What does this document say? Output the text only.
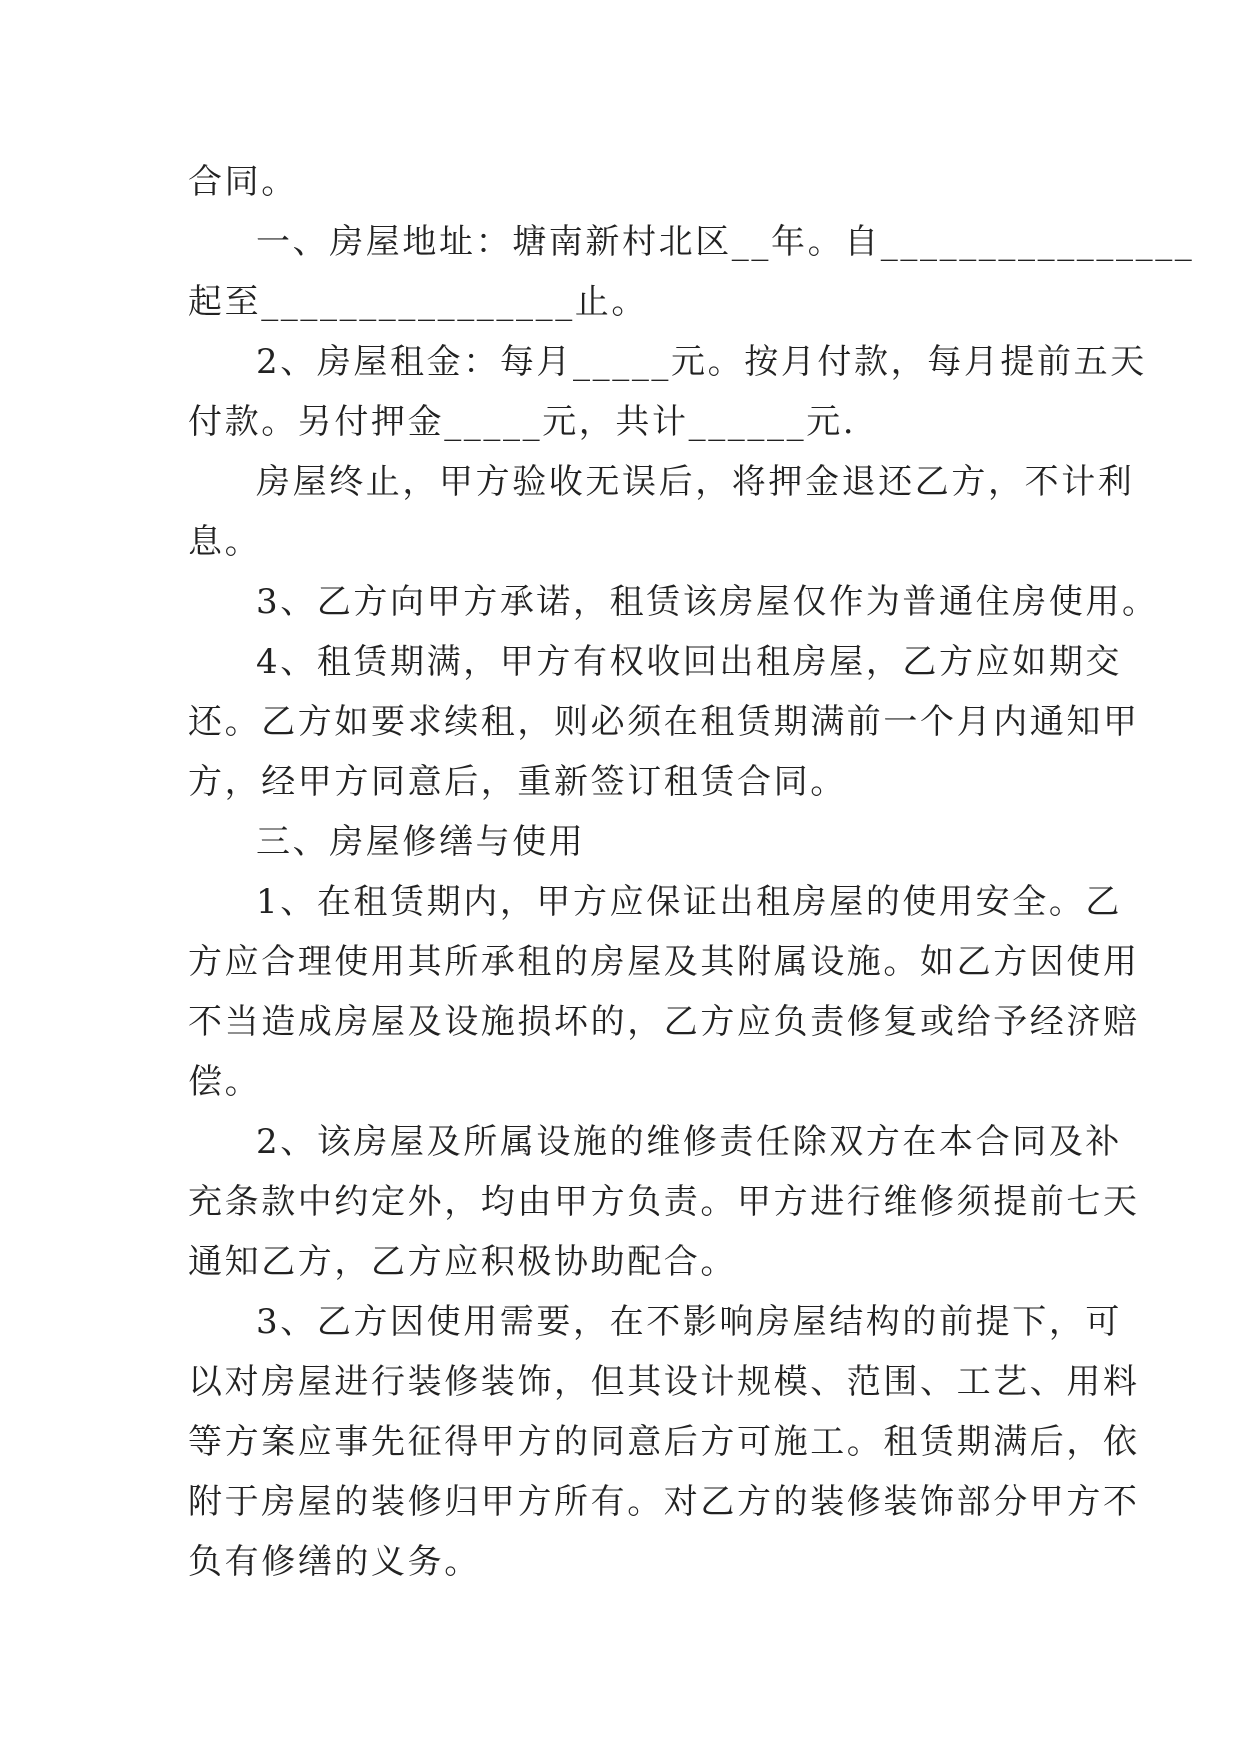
合同。
一、房屋地址：塘南新村北区__年。自________________
起至________________止。
2、房屋租金：每月_____元。按月付款，每月提前五天
付款。另付押金_____元，共计______元.
房屋终止，甲方验收无误后，将押金退还乙方，不计利
息。
3、乙方向甲方承诺，租赁该房屋仅作为普通住房使用。
4、租赁期满，甲方有权收回出租房屋，乙方应如期交
还。乙方如要求续租，则必须在租赁期满前一个月内通知甲
方，经甲方同意后，重新签订租赁合同。
三、房屋修缮与使用
1、在租赁期内，甲方应保证出租房屋的使用安全。乙
方应合理使用其所承租的房屋及其附属设施。如乙方因使用
不当造成房屋及设施损坏的，乙方应负责修复或给予经济赔
偿。
2、该房屋及所属设施的维修责任除双方在本合同及补
充条款中约定外，均由甲方负责。甲方进行维修须提前七天
通知乙方，乙方应积极协助配合。
3、乙方因使用需要，在不影响房屋结构的前提下，可
以对房屋进行装修装饰，但其设计规模、范围、工艺、用料
等方案应事先征得甲方的同意后方可施工。租赁期满后，依
附于房屋的装修归甲方所有。对乙方的装修装饰部分甲方不
负有修缮的义务。
